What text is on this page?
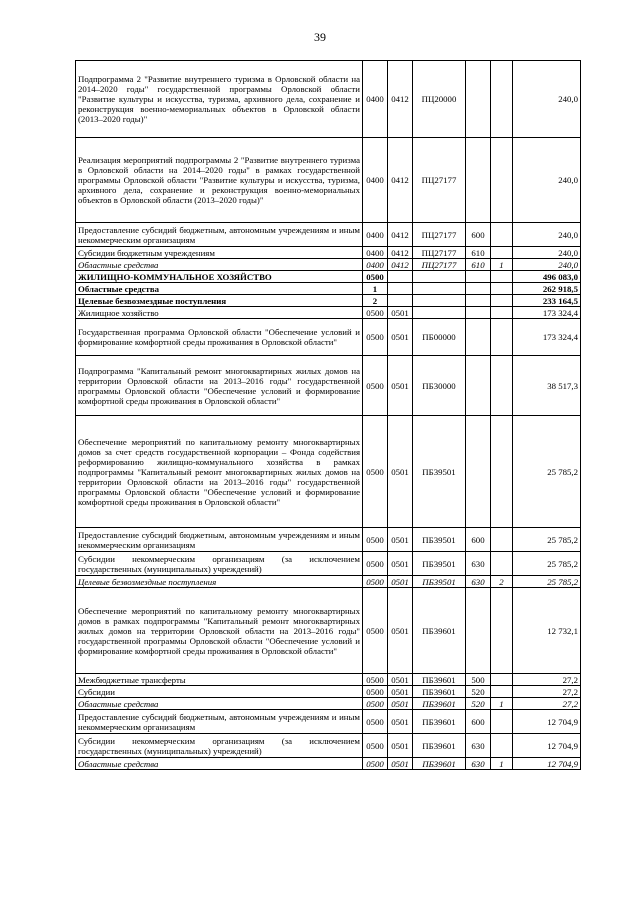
39
Подпрограмма 2 "Развитие внутреннего туризма в Орловской области на 2014–2020 годы" государственной программы Орловской области "Развитие культуры и искусства, туризма, архивного дела, сохранение и реконструкция военно-мемориальных объектов в Орловской области (2013–2020 годы)"	0400	0412	ПЦ20000			240,0
Реализация мероприятий подпрограммы 2 "Развитие внутреннего туризма в Орловской области на 2014–2020 годы" в рамках государственной программы Орловской области "Развитие культуры и искусства, туризма, архивного дела, сохранение и реконструкция военно-мемориальных объектов в Орловской области (2013–2020 годы)"	0400	0412	ПЦ27177			240,0
Предоставление субсидий бюджетным, автономным учреждениям и иным некоммерческим организациям	0400	0412	ПЦ27177	600		240,0
Субсидии бюджетным учреждениям	0400	0412	ПЦ27177	610		240,0
Областные средства	0400	0412	ПЦ27177	610	1	240,0
ЖИЛИЩНО-КОММУНАЛЬНОЕ ХОЗЯЙСТВО	0500					496 083,0
Областные средства	1					262 918,5
Целевые безвозмездные поступления	2					233 164,5
Жилищное хозяйство	0500	0501				173 324,4
Государственная программа Орловской области "Обеспечение условий и формирование комфортной среды проживания в Орловской области"	0500	0501	ПБ00000			173 324,4
Подпрограмма "Капитальный ремонт многоквартирных жилых домов на территории Орловской области на 2013–2016 годы" государственной программы Орловской области "Обеспечение условий и формирование комфортной среды проживания в Орловской области"	0500	0501	ПБ30000			38 517,3
Обеспечение мероприятий по капитальному ремонту многоквартирных домов за счет средств государственной корпорации – Фонда содействия реформированию жилищно-коммунального хозяйства в рамках подпрограммы "Капитальный ремонт многоквартирных жилых домов на территории Орловской области на 2013–2016 годы" государственной программы Орловской области "Обеспечение условий и формирование комфортной среды проживания в Орловской области"	0500	0501	ПБ39501			25 785,2
Предоставление субсидий бюджетным, автономным учреждениям и иным некоммерческим организациям	0500	0501	ПБ39501	600		25 785,2
Субсидии некоммерческим организациям (за исключением государственных (муниципальных) учреждений)	0500	0501	ПБ39501	630		25 785,2
Целевые безвозмездные поступления	0500	0501	ПБ39501	630	2	25 785,2
Обеспечение мероприятий по капитальному ремонту многоквартирных домов в рамках подпрограммы "Капитальный ремонт многоквартирных жилых домов на территории Орловской области на 2013–2016 годы" государственной программы Орловской области "Обеспечение условий и формирование комфортной среды проживания в Орловской области"	0500	0501	ПБ39601			12 732,1
Межбюджетные трансферты	0500	0501	ПБ39601	500		27,2
Субсидии	0500	0501	ПБ39601	520		27,2
Областные средства	0500	0501	ПБ39601	520	1	27,2
Предоставление субсидий бюджетным, автономным учреждениям и иным некоммерческим организациям	0500	0501	ПБ39601	600		12 704,9
Субсидии некоммерческим организациям (за исключением государственных (муниципальных) учреждений)	0500	0501	ПБ39601	630		12 704,9
Областные средства	0500	0501	ПБ39601	630	1	12 704,9
